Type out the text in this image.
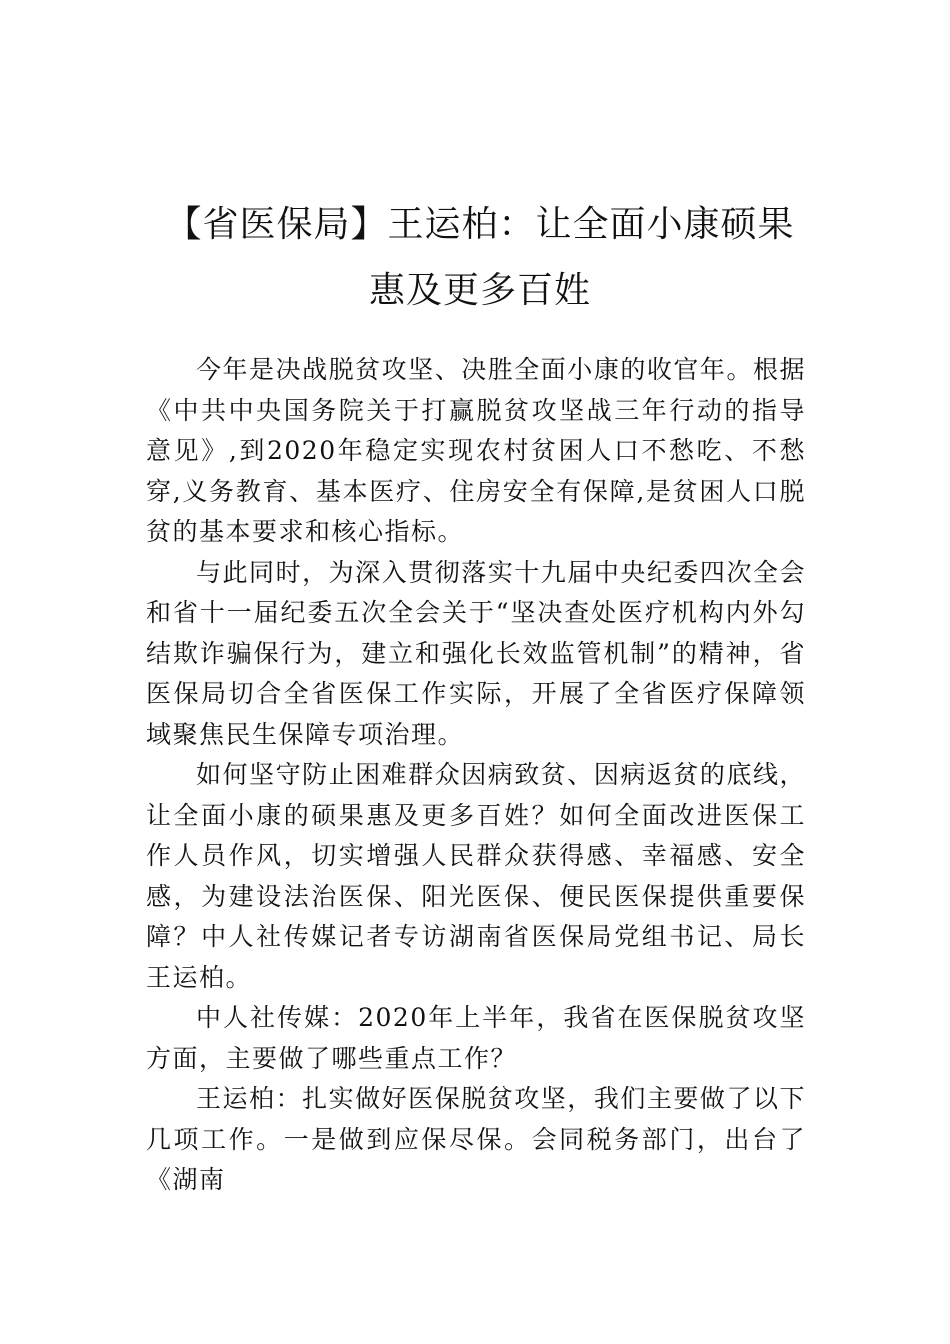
【省医保局】王运柏：让全面小康硕果惠及更多百姓

今年是决战脱贫攻坚、决胜全面小康的收官年。根据《中共中央国务院关于打赢脱贫攻坚战三年行动的指导意见》,到2020年稳定实现农村贫困人口不愁吃、不愁穿,义务教育、基本医疗、住房安全有保障,是贫困人口脱贫的基本要求和核心指标。

与此同时，为深入贯彻落实十九届中央纪委四次全会和省十一届纪委五次全会关于“坚决查处医疗机构内外勾结欺诈骗保行为，建立和强化长效监管机制”的精神，省医保局切合全省医保工作实际，开展了全省医疗保障领域聚焦民生保障专项治理。

如何坚守防止困难群众因病致贫、因病返贫的底线，让全面小康的硕果惠及更多百姓？如何全面改进医保工作人员作风，切实增强人民群众获得感、幸福感、安全感，为建设法治医保、阳光医保、便民医保提供重要保障？中人社传媒记者专访湖南省医保局党组书记、局长王运柏。

中人社传媒：2020年上半年，我省在医保脱贫攻坚方面，主要做了哪些重点工作？

王运柏：扎实做好医保脱贫攻坚，我们主要做了以下几项工作。一是做到应保尽保。会同税务部门，出台了《湖南
